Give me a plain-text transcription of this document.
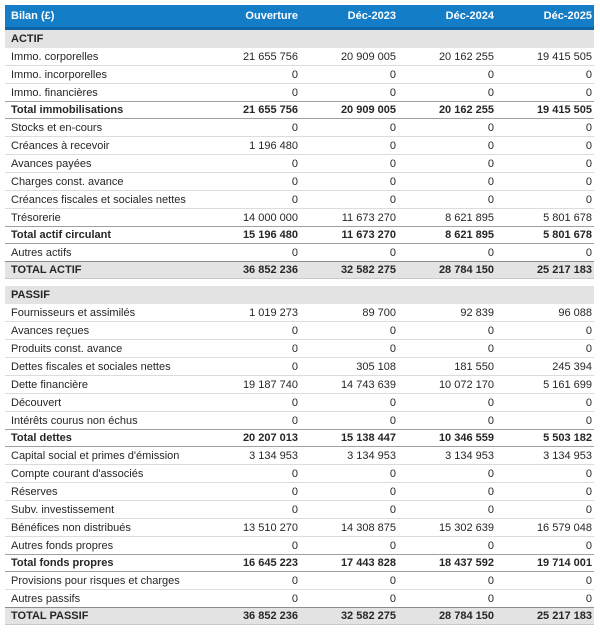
Bilan (£)	Ouverture	Déc-2023	Déc-2024	Déc-2025
ACTIF
Immo. corporelles	21 655 756	20 909 005	20 162 255	19 415 505
Immo. incorporelles	0	0	0	0
Immo. financières	0	0	0	0
Total immobilisations	21 655 756	20 909 005	20 162 255	19 415 505
Stocks et en-cours	0	0	0	0
Créances à recevoir	1 196 480	0	0	0
Avances payées	0	0	0	0
Charges const. avance	0	0	0	0
Créances fiscales et sociales nettes	0	0	0	0
Trésorerie	14 000 000	11 673 270	8 621 895	5 801 678
Total actif circulant	15 196 480	11 673 270	8 621 895	5 801 678
Autres actifs	0	0	0	0
TOTAL ACTIF	36 852 236	32 582 275	28 784 150	25 217 183
PASSIF
Fournisseurs et assimilés	1 019 273	89 700	92 839	96 088
Avances reçues	0	0	0	0
Produits const. avance	0	0	0	0
Dettes fiscales et sociales nettes	0	305 108	181 550	245 394
Dette financière	19 187 740	14 743 639	10 072 170	5 161 699
Découvert	0	0	0	0
Intérêts courus non échus	0	0	0	0
Total dettes	20 207 013	15 138 447	10 346 559	5 503 182
Capital social et primes d'émission	3 134 953	3 134 953	3 134 953	3 134 953
Compte courant d'associés	0	0	0	0
Réserves	0	0	0	0
Subv. investissement	0	0	0	0
Bénéfices non distribués	13 510 270	14 308 875	15 302 639	16 579 048
Autres fonds propres	0	0	0	0
Total fonds propres	16 645 223	17 443 828	18 437 592	19 714 001
Provisions pour risques et charges	0	0	0	0
Autres passifs	0	0	0	0
TOTAL PASSIF	36 852 236	32 582 275	28 784 150	25 217 183
